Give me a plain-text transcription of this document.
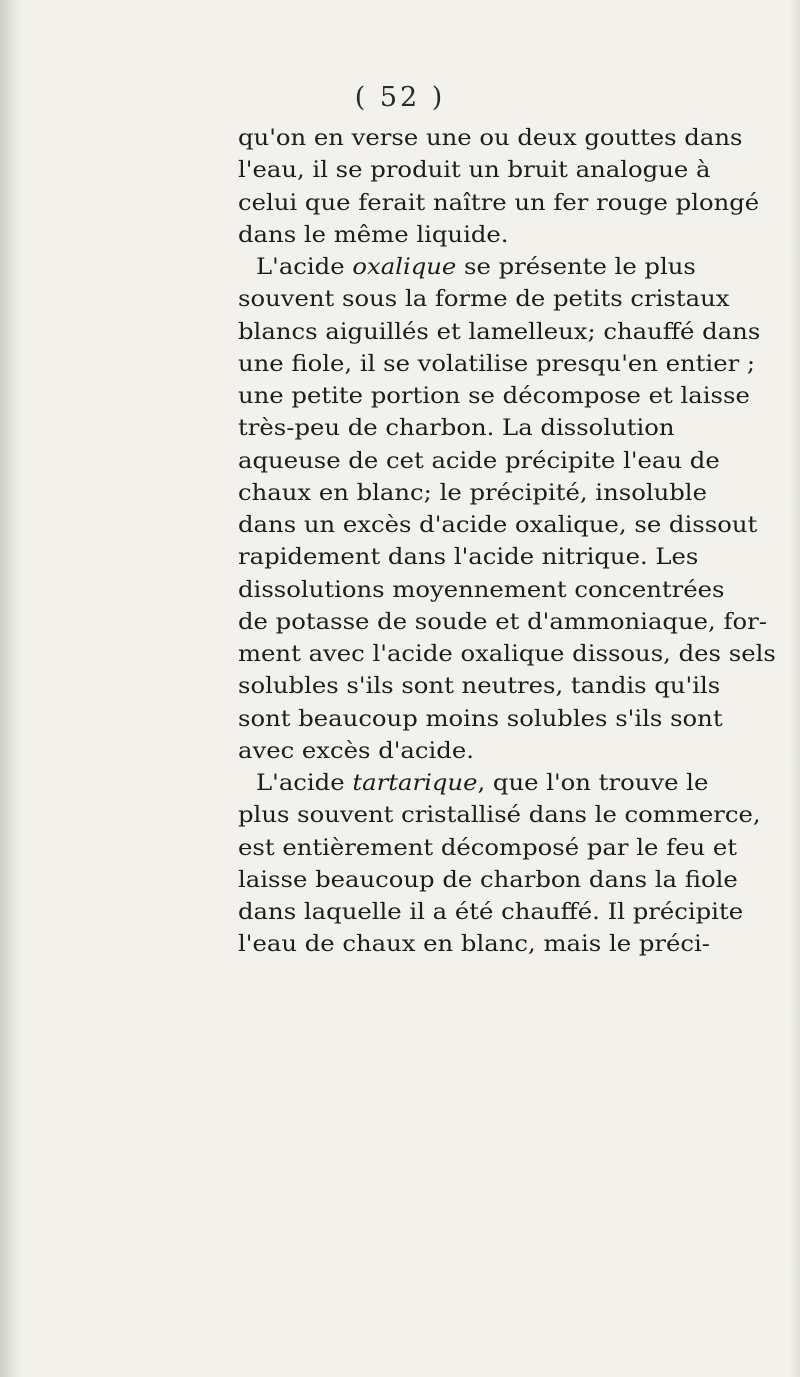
( 52 )
qu'on en verse une ou deux gouttes dans
l'eau, il se produit un bruit analogue à
celui que ferait naître un fer rouge plongé
dans le même liquide.
L'acide oxalique se présente le plus
souvent sous la forme de petits cristaux
blancs aiguillés et lamelleux; chauffé dans
une fiole, il se volatilise presqu'en entier ;
une petite portion se décompose et laisse
très-peu de charbon. La dissolution
aqueuse de cet acide précipite l'eau de
chaux en blanc; le précipité, insoluble
dans un excès d'acide oxalique, se dissout
rapidement dans l'acide nitrique. Les
dissolutions moyennement concentrées
de potasse de soude et d'ammoniaque, for-
ment avec l'acide oxalique dissous, des sels
solubles s'ils sont neutres, tandis qu'ils
sont beaucoup moins solubles s'ils sont
avec excès d'acide.
L'acide tartarique, que l'on trouve le
plus souvent cristallisé dans le commerce,
est entièrement décomposé par le feu et
laisse beaucoup de charbon dans la fiole
dans laquelle il a été chauffé. Il précipite
l'eau de chaux en blanc, mais le préci-
